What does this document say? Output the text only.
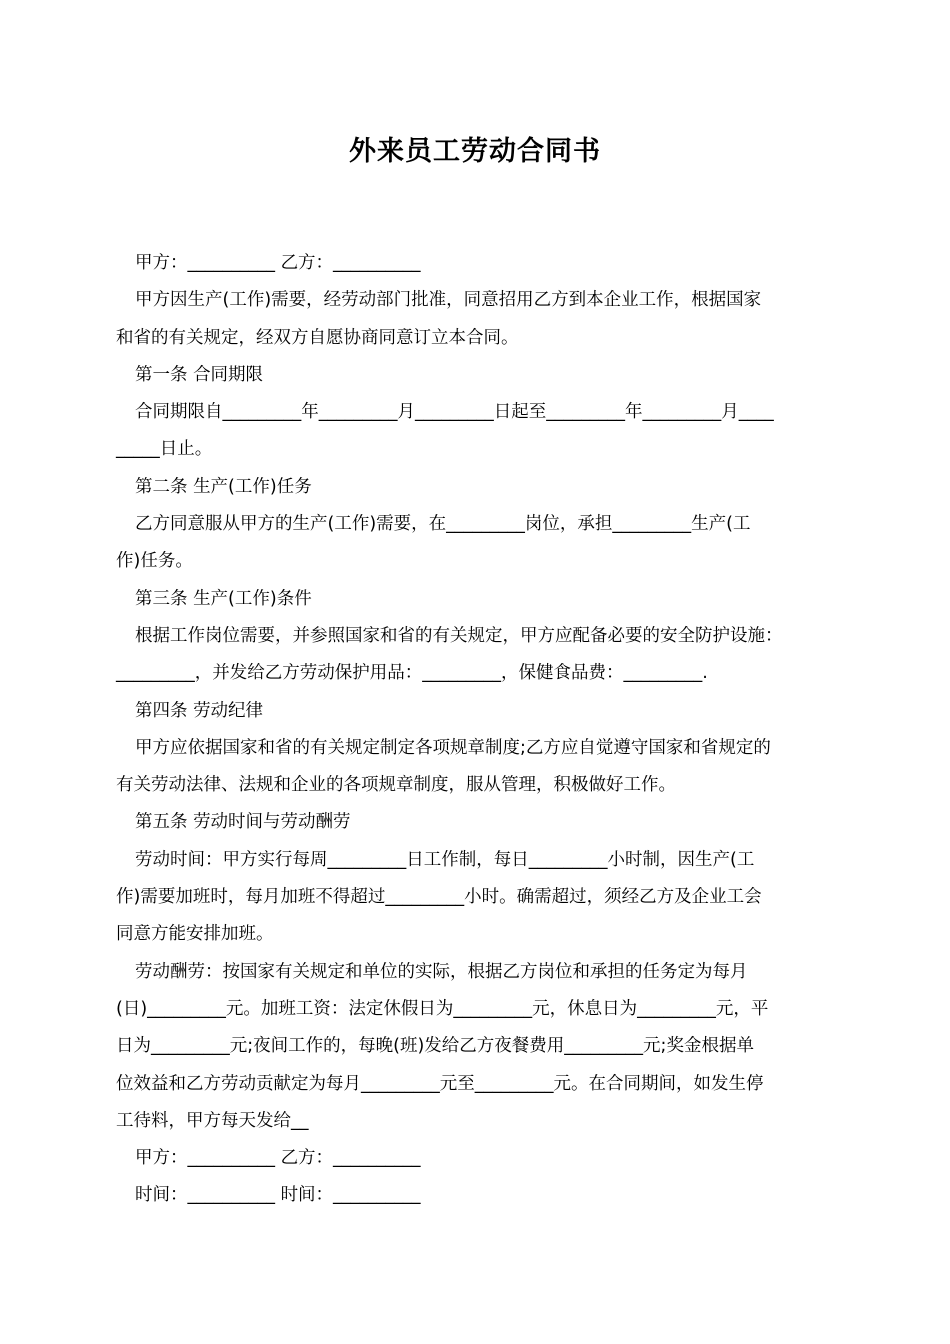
外来员工劳动合同书
甲方：__________ 乙方：__________
甲方因生产(工作)需要，经劳动部门批准，同意招用乙方到本企业工作，根据国家
和省的有关规定，经双方自愿协商同意订立本合同。
第一条 合同期限
合同期限自_________年_________月_________日起至_________年_________月____
_____日止。
第二条 生产(工作)任务
乙方同意服从甲方的生产(工作)需要，在_________岗位，承担_________生产(工
作)任务。
第三条 生产(工作)条件
根据工作岗位需要，并参照国家和省的有关规定，甲方应配备必要的安全防护设施：
_________，并发给乙方劳动保护用品：_________，保健食品费：_________.
第四条 劳动纪律
甲方应依据国家和省的有关规定制定各项规章制度;乙方应自觉遵守国家和省规定的
有关劳动法律、法规和企业的各项规章制度，服从管理，积极做好工作。
第五条 劳动时间与劳动酬劳
劳动时间：甲方实行每周_________日工作制，每日_________小时制，因生产(工
作)需要加班时，每月加班不得超过_________小时。确需超过，须经乙方及企业工会
同意方能安排加班。
劳动酬劳：按国家有关规定和单位的实际，根据乙方岗位和承担的任务定为每月
(日)_________元。加班工资：法定休假日为_________元，休息日为_________元，平
日为_________元;夜间工作的，每晚(班)发给乙方夜餐费用_________元;奖金根据单
位效益和乙方劳动贡献定为每月_________元至_________元。在合同期间，如发生停
工待料，甲方每天发给__
甲方：__________ 乙方：__________
时间：__________ 时间：__________
